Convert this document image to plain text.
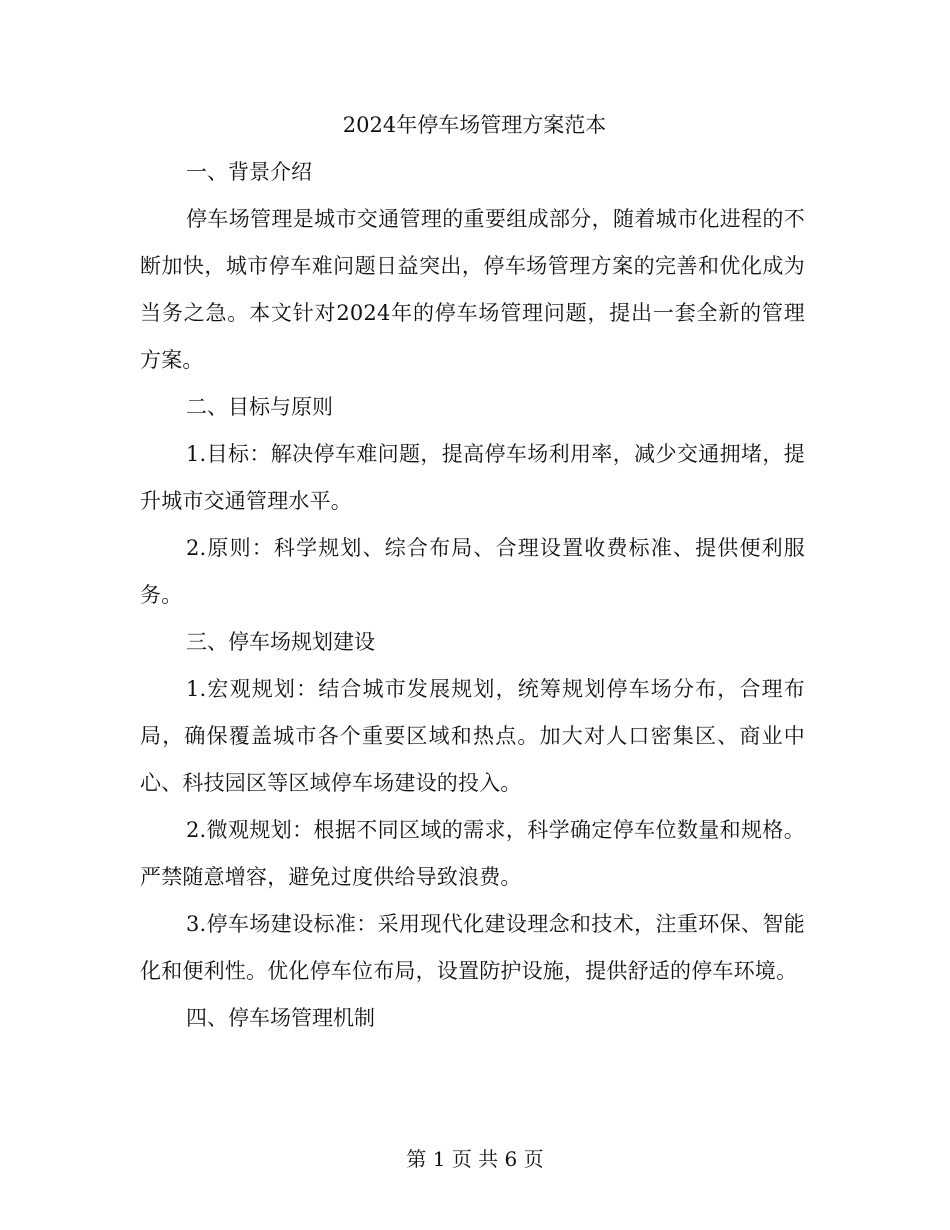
2024年停车场管理方案范本

一、背景介绍

停车场管理是城市交通管理的重要组成部分，随着城市化进程的不断加快，城市停车难问题日益突出，停车场管理方案的完善和优化成为当务之急。本文针对2024年的停车场管理问题，提出一套全新的管理方案。

二、目标与原则

1.目标：解决停车难问题，提高停车场利用率，减少交通拥堵，提升城市交通管理水平。

2.原则：科学规划、综合布局、合理设置收费标准、提供便利服务。

三、停车场规划建设

1.宏观规划：结合城市发展规划，统筹规划停车场分布，合理布局，确保覆盖城市各个重要区域和热点。加大对人口密集区、商业中心、科技园区等区域停车场建设的投入。

2.微观规划：根据不同区域的需求，科学确定停车位数量和规格。严禁随意增容，避免过度供给导致浪费。

3.停车场建设标准：采用现代化建设理念和技术，注重环保、智能化和便利性。优化停车位布局，设置防护设施，提供舒适的停车环境。

四、停车场管理机制

第 1 页 共 6 页
